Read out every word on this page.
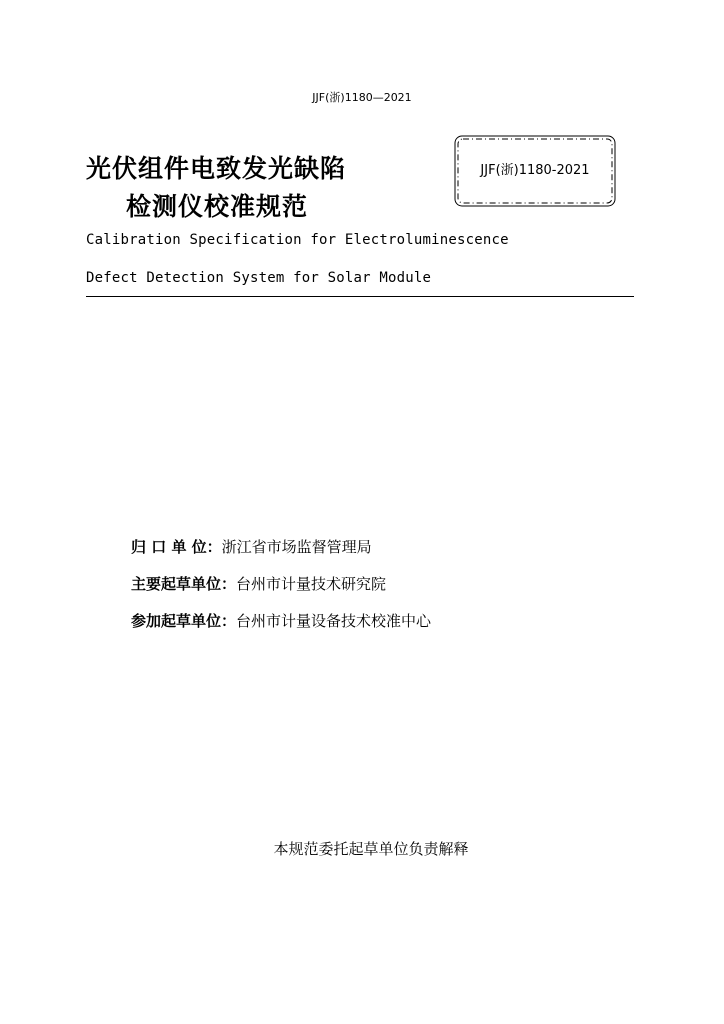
JJF(浙)1180—2021
光伏组件电致发光缺陷
检测仪校准规范
JJF(浙)1180-2021
Calibration Specification for Electroluminescence
Defect Detection System for Solar Module
归 口 单 位：浙江省市场监督管理局
主要起草单位：台州市计量技术研究院
参加起草单位：台州市计量设备技术校准中心
本规范委托起草单位负责解释
